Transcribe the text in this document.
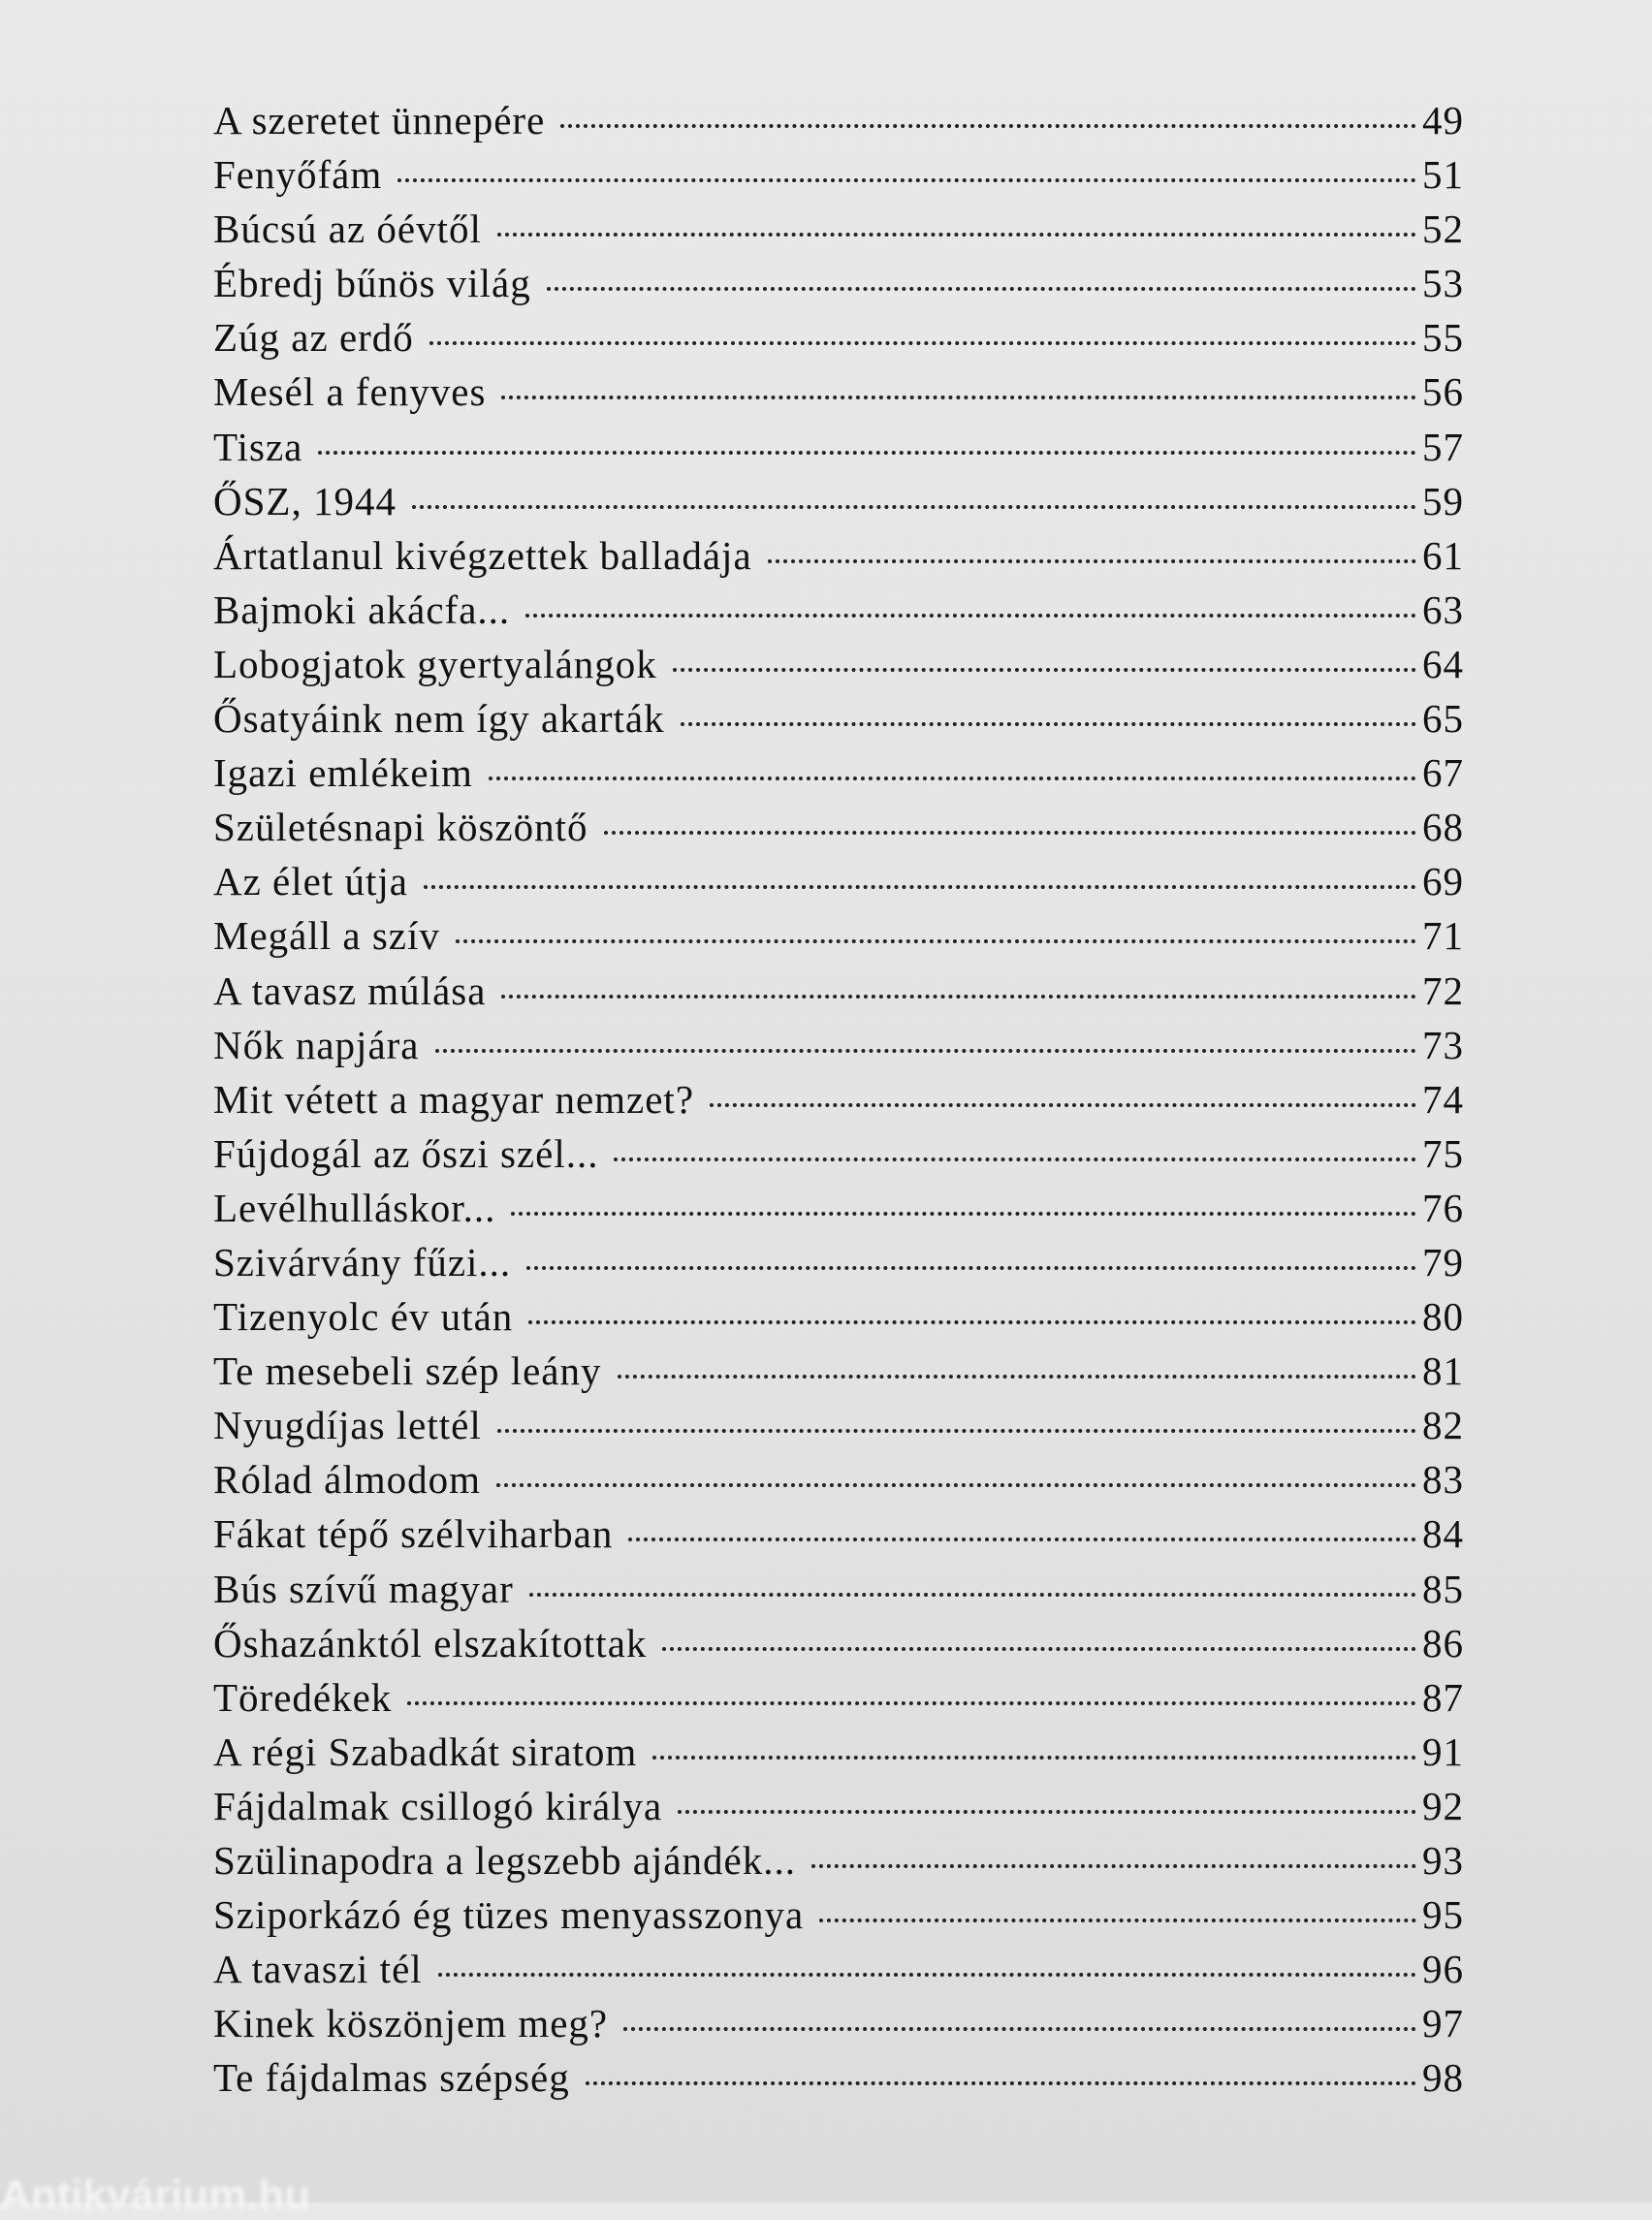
A szeretet ünnepére	49
Fenyőfám	51
Búcsú az óévtől	52
Ébredj bűnös világ	53
Zúg az erdő	55
Mesél a fenyves	56
Tisza	57
ŐSZ, 1944	59
Ártatlanul kivégzettek balladája	61
Bajmoki akácfa...	63
Lobogjatok gyertyalángok	64
Ősatyáink nem így akarták	65
Igazi emlékeim	67
Születésnapi köszöntő	68
Az élet útja	69
Megáll a szív	71
A tavasz múlása	72
Nők napjára	73
Mit vétett a magyar nemzet?	74
Fújdogál az őszi szél...	75
Levélhulláskor...	76
Szivárvány fűzi...	79
Tizenyolc év után	80
Te mesebeli szép leány	81
Nyugdíjas lettél	82
Rólad álmodom	83
Fákat tépő szélviharban	84
Bús szívű magyar	85
Őshazánktól elszakítottak	86
Töredékek	87
A régi Szabadkát siratom	91
Fájdalmak csillogó királya	92
Szülinapodra a legszebb ajándék...	93
Sziporkázó ég tüzes menyasszonya	95
A tavaszi tél	96
Kinek köszönjem meg?	97
Te fájdalmas szépség	98
Antikvárium.hu
